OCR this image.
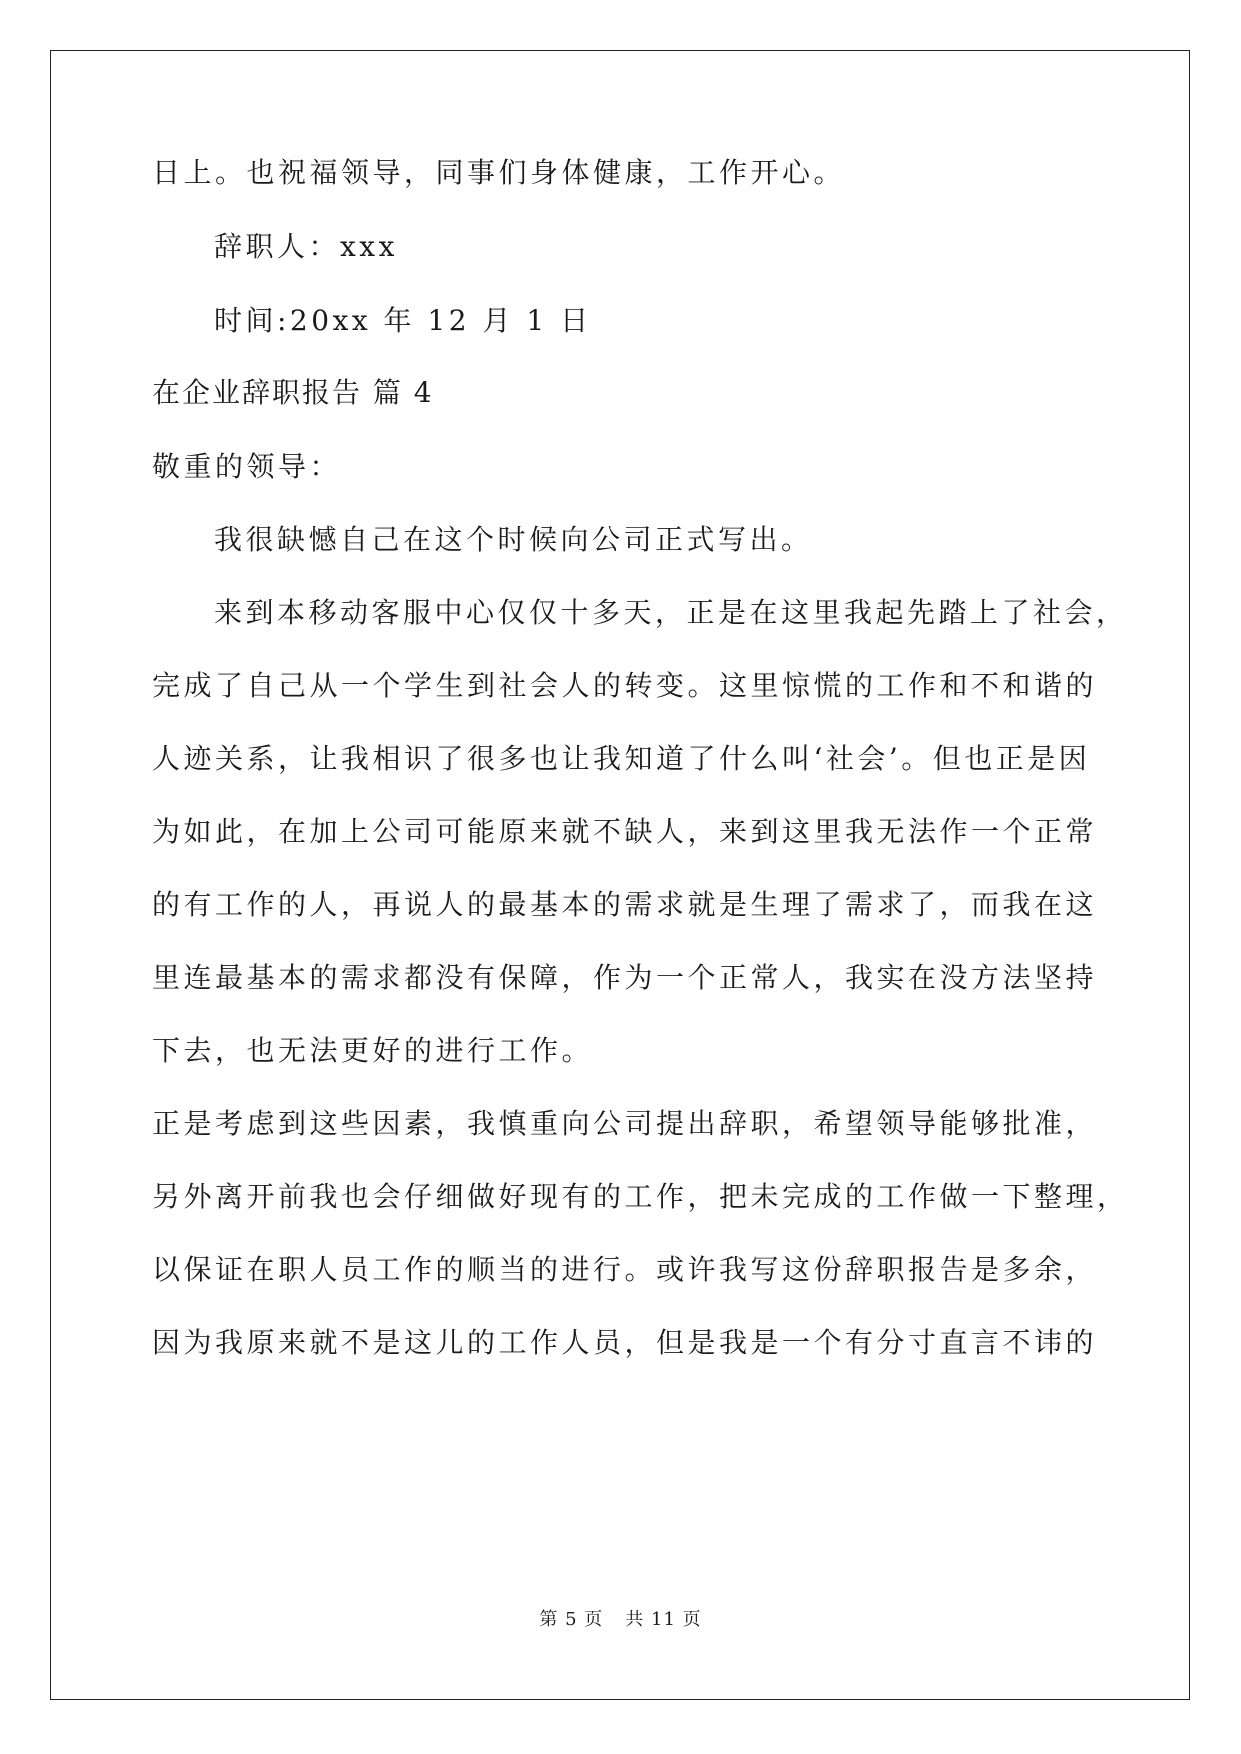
日上。也祝福领导，同事们身体健康，工作开心。
辞职人：xxx
时间:20xx 年 12 月 1 日
在企业辞职报告 篇 4
敬重的领导：
我很缺憾自己在这个时候向公司正式写出。
来到本移动客服中心仅仅十多天，正是在这里我起先踏上了社会，
完成了自己从一个学生到社会人的转变。这里惊慌的工作和不和谐的
人迹关系，让我相识了很多也让我知道了什么叫‘社会’。但也正是因
为如此，在加上公司可能原来就不缺人，来到这里我无法作一个正常
的有工作的人，再说人的最基本的需求就是生理了需求了，而我在这
里连最基本的需求都没有保障，作为一个正常人，我实在没方法坚持
下去，也无法更好的进行工作。
正是考虑到这些因素，我慎重向公司提出辞职，希望领导能够批准，
另外离开前我也会仔细做好现有的工作，把未完成的工作做一下整理，
以保证在职人员工作的顺当的进行。或许我写这份辞职报告是多余，
因为我原来就不是这儿的工作人员，但是我是一个有分寸直言不讳的
第 5 页 共 11 页
